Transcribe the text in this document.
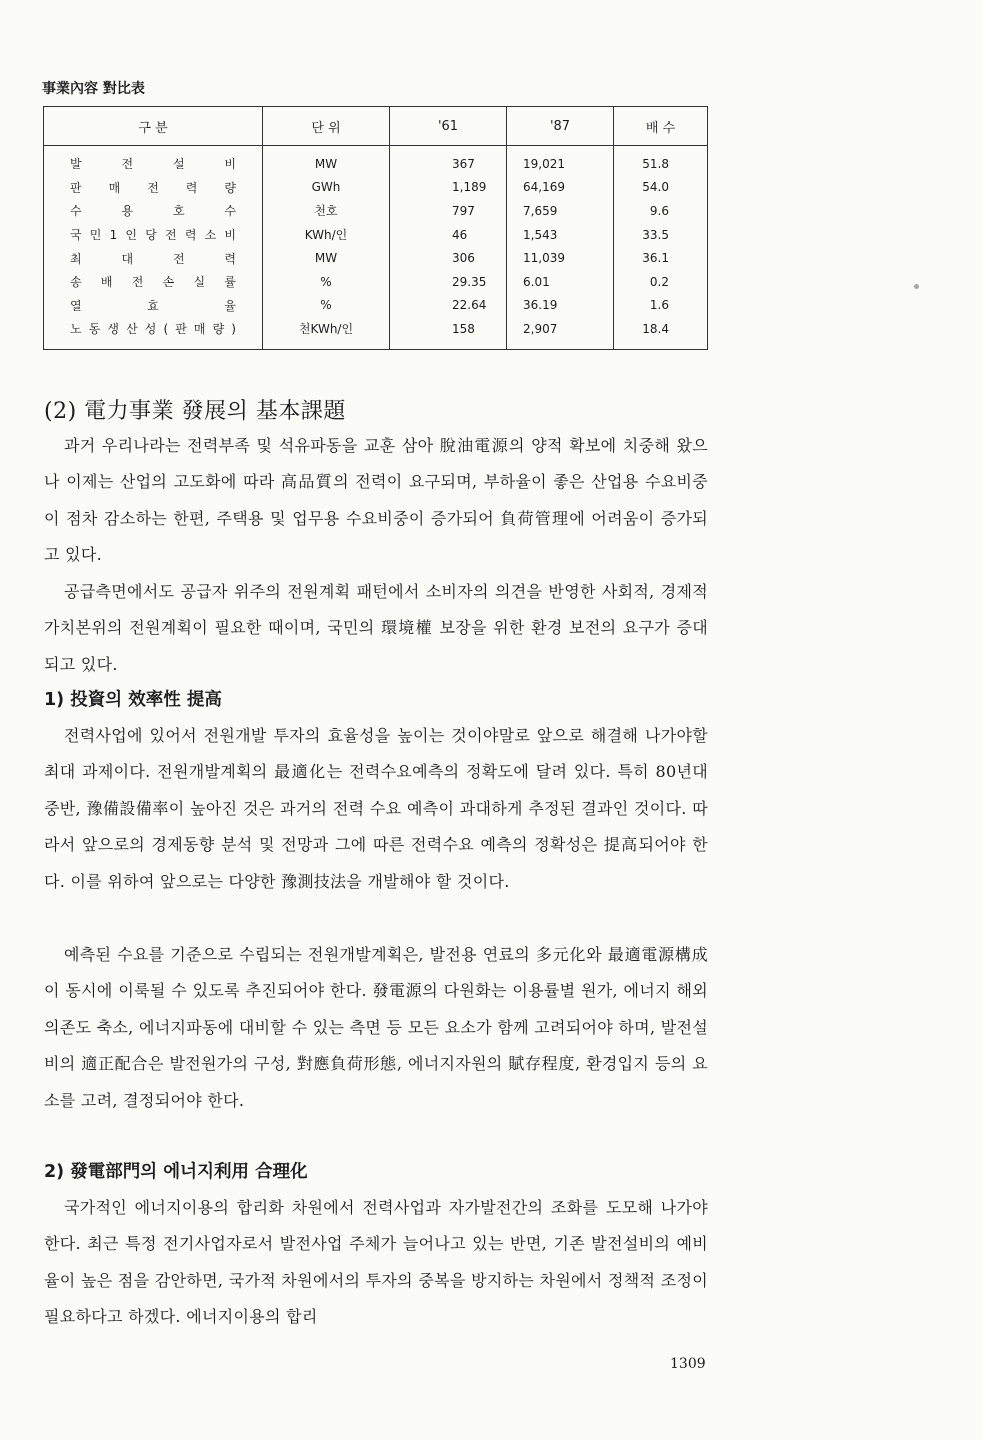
事業內容 對比表
구 분	단 위	'61	'87	배 수

발 전 설 비	MW	367	19,021	51.8

판 매 전 력 량	GWh	1,189	64,169	54.0

수 용 호 수	천호	797	7,659	9.6

국 민 1 인 당 전 력 소 비	KWh/인	46	1,543	33.5

최 대 전 력	MW	306	11,039	36.1

송 배 전 손 실 률	%	29.35	6.01	0.2

열 효 율	%	22.64	36.19	1.6

노 동 생 산 성 ( 판 매 량 )	천KWh/인	158	2,907	18.4
(2) 電力事業 發展의 基本課題
과거 우리나라는 전력부족 및 석유파동을 교훈 삼아 脫油電源의 양적 확보에 치중해 왔으나 이제는 산업의 고도화에 따라 高品質의 전력이 요구되며, 부하율이 좋은 산업용 수요비중이 점차 감소하는 한편, 주택용 및 업무용 수요비중이 증가되어 負荷管理에 어려움이 증가되고 있다.
공급측면에서도 공급자 위주의 전원계획 패턴에서 소비자의 의견을 반영한 사회적, 경제적 가치본위의 전원계획이 필요한 때이며, 국민의 環境權 보장을 위한 환경 보전의 요구가 증대되고 있다.
1) 投資의 效率性 提高
전력사업에 있어서 전원개발 투자의 효율성을 높이는 것이야말로 앞으로 해결해 나가야할 최대 과제이다. 전원개발계획의 最適化는 전력수요예측의 정확도에 달려 있다. 특히 80년대 중반, 豫備設備率이 높아진 것은 과거의 전력 수요 예측이 과대하게 추정된 결과인 것이다. 따라서 앞으로의 경제동향 분석 및 전망과 그에 따른 전력수요 예측의 정확성은 提高되어야 한다. 이를 위하여 앞으로는 다양한 豫測技法을 개발해야 할 것이다.
예측된 수요를 기준으로 수립되는 전원개발계획은, 발전용 연료의 多元化와 最適電源構成이 동시에 이룩될 수 있도록 추진되어야 한다. 發電源의 다원화는 이용률별 원가, 에너지 해외의존도 축소, 에너지파동에 대비할 수 있는 측면 등 모든 요소가 함께 고려되어야 하며, 발전설비의 適正配合은 발전원가의 구성, 對應負荷形態, 에너지자원의 賦存程度, 환경입지 등의 요소를 고려, 결정되어야 한다.
2) 發電部門의 에너지利用 合理化
국가적인 에너지이용의 합리화 차원에서 전력사업과 자가발전간의 조화를 도모해 나가야 한다. 최근 특정 전기사업자로서 발전사업 주체가 늘어나고 있는 반면, 기존 발전설비의 예비율이 높은 점을 감안하면, 국가적 차원에서의 투자의 중복을 방지하는 차원에서 정책적 조정이 필요하다고 하겠다. 에너지이용의 합리
1309
